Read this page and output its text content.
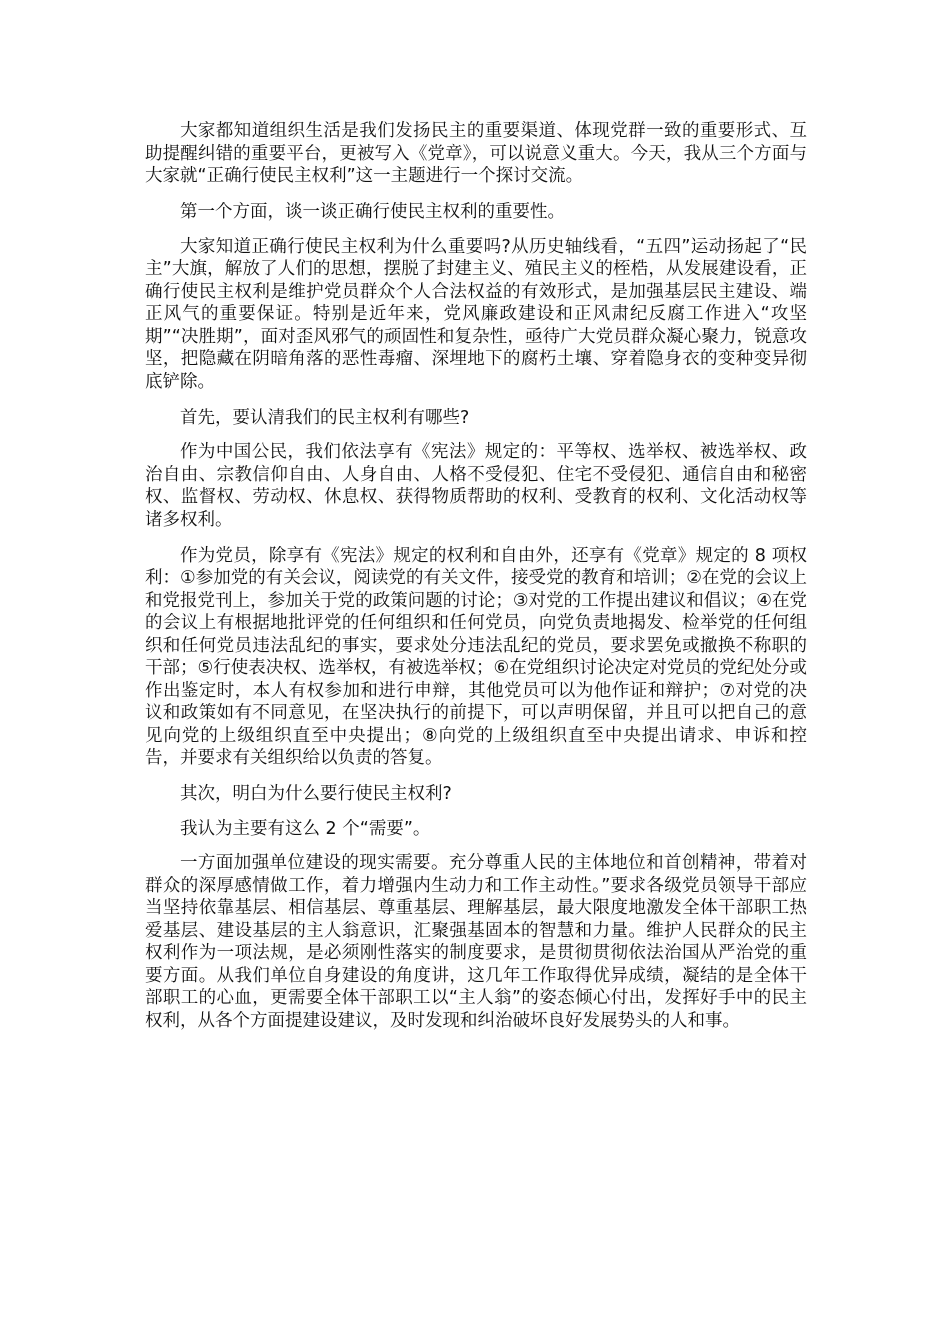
大家都知道组织生活是我们发扬民主的重要渠道、体现党群一致的重要形式、互助提醒纠错的重要平台，更被写入《党章》，可以说意义重大。今天，我从三个方面与大家就“正确行使民主权利”这一主题进行一个探讨交流。

第一个方面，谈一谈正确行使民主权利的重要性。

大家知道正确行使民主权利为什么重要吗?从历史轴线看，“五四”运动扬起了“民主”大旗，解放了人们的思想，摆脱了封建主义、殖民主义的桎梏，从发展建设看，正确行使民主权利是维护党员群众个人合法权益的有效形式，是加强基层民主建设、端正风气的重要保证。特别是近年来，党风廉政建设和正风肃纪反腐工作进入“攻坚期”“决胜期”，面对歪风邪气的顽固性和复杂性，亟待广大党员群众凝心聚力，锐意攻坚，把隐藏在阴暗角落的恶性毒瘤、深埋地下的腐朽土壤、穿着隐身衣的变种变异彻底铲除。

首先，要认清我们的民主权利有哪些?

作为中国公民，我们依法享有《宪法》规定的：平等权、选举权、被选举权、政治自由、宗教信仰自由、人身自由、人格不受侵犯、住宅不受侵犯、通信自由和秘密权、监督权、劳动权、休息权、获得物质帮助的权利、受教育的权利、文化活动权等诸多权利。

作为党员，除享有《宪法》规定的权利和自由外，还享有《党章》规定的 8 项权利：①参加党的有关会议，阅读党的有关文件，接受党的教育和培训；②在党的会议上和党报党刊上，参加关于党的政策问题的讨论；③对党的工作提出建议和倡议；④在党的会议上有根据地批评党的任何组织和任何党员，向党负责地揭发、检举党的任何组织和任何党员违法乱纪的事实，要求处分违法乱纪的党员，要求罢免或撤换不称职的干部；⑤行使表决权、选举权，有被选举权；⑥在党组织讨论决定对党员的党纪处分或作出鉴定时，本人有权参加和进行申辩，其他党员可以为他作证和辩护；⑦对党的决议和政策如有不同意见，在坚决执行的前提下，可以声明保留，并且可以把自己的意见向党的上级组织直至中央提出；⑧向党的上级组织直至中央提出请求、申诉和控告，并要求有关组织给以负责的答复。

其次，明白为什么要行使民主权利?

我认为主要有这么 2 个“需要”。

一方面加强单位建设的现实需要。充分尊重人民的主体地位和首创精神，带着对群众的深厚感情做工作，着力增强内生动力和工作主动性。”要求各级党员领导干部应当坚持依靠基层、相信基层、尊重基层、理解基层，最大限度地激发全体干部职工热爱基层、建设基层的主人翁意识，汇聚强基固本的智慧和力量。维护人民群众的民主权利作为一项法规，是必须刚性落实的制度要求，是贯彻贯彻依法治国从严治党的重要方面。从我们单位自身建设的角度讲，这几年工作取得优异成绩，凝结的是全体干部职工的心血，更需要全体干部职工以“主人翁”的姿态倾心付出，发挥好手中的民主权利，从各个方面提建设建议，及时发现和纠治破坏良好发展势头的人和事。
